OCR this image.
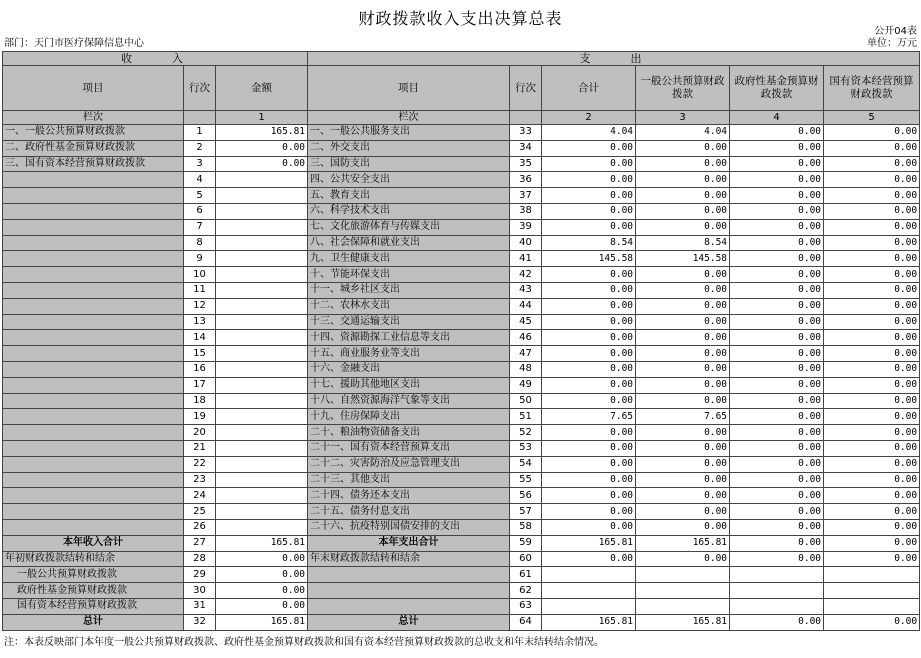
财政拨款收入支出决算总表
公开04表
部门：天门市医疗保障信息中心	单位：万元
收　　入			支　　出					
项目	行次	金额	项目	行次	合计	一般公共预算财政拨款	政府性基金预算财政拨款	国有资本经营预算财政拨款
栏次		1	栏次		2	3	4	5
一、一般公共预算财政拨款	1	165.81	一、一般公共服务支出	33	4.04	4.04	0.00	0.00
二、政府性基金预算财政拨款	2	0.00	二、外交支出	34	0.00	0.00	0.00	0.00
三、国有资本经营预算财政拨款	3	0.00	三、国防支出	35	0.00	0.00	0.00	0.00
	4		四、公共安全支出	36	0.00	0.00	0.00	0.00
	5		五、教育支出	37	0.00	0.00	0.00	0.00
	6		六、科学技术支出	38	0.00	0.00	0.00	0.00
	7		七、文化旅游体育与传媒支出	39	0.00	0.00	0.00	0.00
	8		八、社会保障和就业支出	40	8.54	8.54	0.00	0.00
	9		九、卫生健康支出	41	145.58	145.58	0.00	0.00
	10		十、节能环保支出	42	0.00	0.00	0.00	0.00
	11		十一、城乡社区支出	43	0.00	0.00	0.00	0.00
	12		十二、农林水支出	44	0.00	0.00	0.00	0.00
	13		十三、交通运输支出	45	0.00	0.00	0.00	0.00
	14		十四、资源勘探工业信息等支出	46	0.00	0.00	0.00	0.00
	15		十五、商业服务业等支出	47	0.00	0.00	0.00	0.00
	16		十六、金融支出	48	0.00	0.00	0.00	0.00
	17		十七、援助其他地区支出	49	0.00	0.00	0.00	0.00
	18		十八、自然资源海洋气象等支出	50	0.00	0.00	0.00	0.00
	19		十九、住房保障支出	51	7.65	7.65	0.00	0.00
	20		二十、粮油物资储备支出	52	0.00	0.00	0.00	0.00
	21		二十一、国有资本经营预算支出	53	0.00	0.00	0.00	0.00
	22		二十二、灾害防治及应急管理支出	54	0.00	0.00	0.00	0.00
	23		二十三、其他支出	55	0.00	0.00	0.00	0.00
	24		二十四、债务还本支出	56	0.00	0.00	0.00	0.00
	25		二十五、债务付息支出	57	0.00	0.00	0.00	0.00
	26		二十六、抗疫特别国债安排的支出	58	0.00	0.00	0.00	0.00
本年收入合计	27	165.81	本年支出合计	59	165.81	165.81	0.00	0.00
年初财政拨款结转和结余	28	0.00	年末财政拨款结转和结余	60	0.00	0.00	0.00	0.00
一般公共预算财政拨款	29	0.00		61				
政府性基金预算财政拨款	30	0.00		62				
国有资本经营预算财政拨款	31	0.00		63				
总计	32	165.81	总计	64	165.81	165.81	0.00	0.00
注：本表反映部门本年度一般公共预算财政拨款、政府性基金预算财政拨款和国有资本经营预算财政拨款的总收支和年末结转结余情况。
